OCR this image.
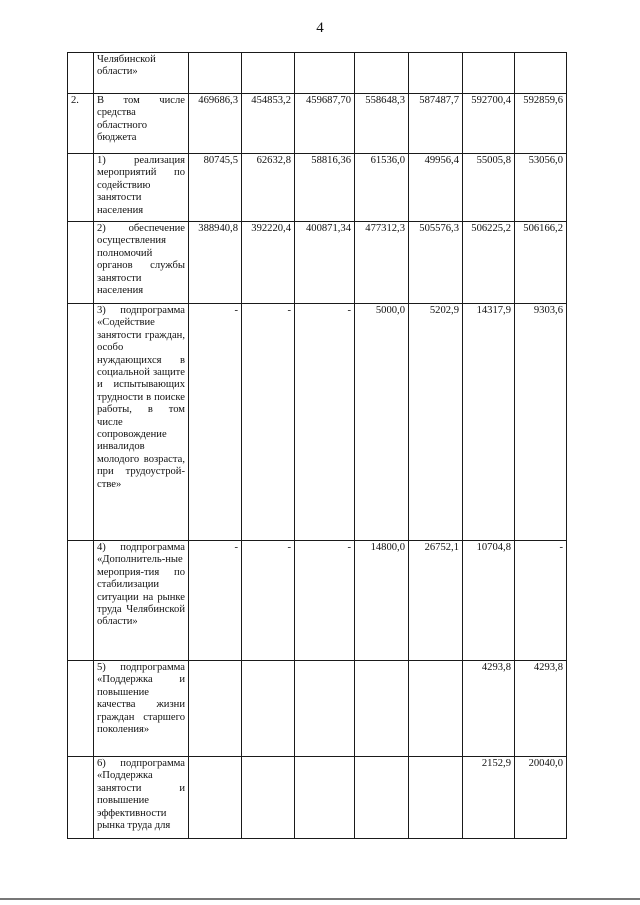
4
	Челябинской области»							
2.	В том числе средства областного бюджета	469686,3	454853,2	459687,70	558648,3	587487,7	592700,4	592859,6
	1) реализация мероприятий по содействию занятости населения	80745,5	62632,8	58816,36	61536,0	49956,4	55005,8	53056,0
	2) обеспечение осуществления полномочий органов службы занятости населения	388940,8	392220,4	400871,34	477312,3	505576,3	506225,2	506166,2
	3) подпрограмма «Содействие занятости граждан, особо нуждающихся в социальной защите и испытывающих трудности в поиске работы, в том числе сопровождение инвалидов молодого возраста, при трудоустрой-стве»	-	-	-	5000,0	5202,9	14317,9	9303,6
	4) подпрограмма «Дополнитель-ные мероприя-тия по стабилизации ситуации на рынке труда Челябинской области»	-	-	-	14800,0	26752,1	10704,8	-
	5) подпрограмма «Поддержка и повышение качества жизни граждан старшего поколения»						4293,8	4293,8
	6) подпрограмма «Поддержка занятости и повышение эффективности рынка труда для						2152,9	20040,0
